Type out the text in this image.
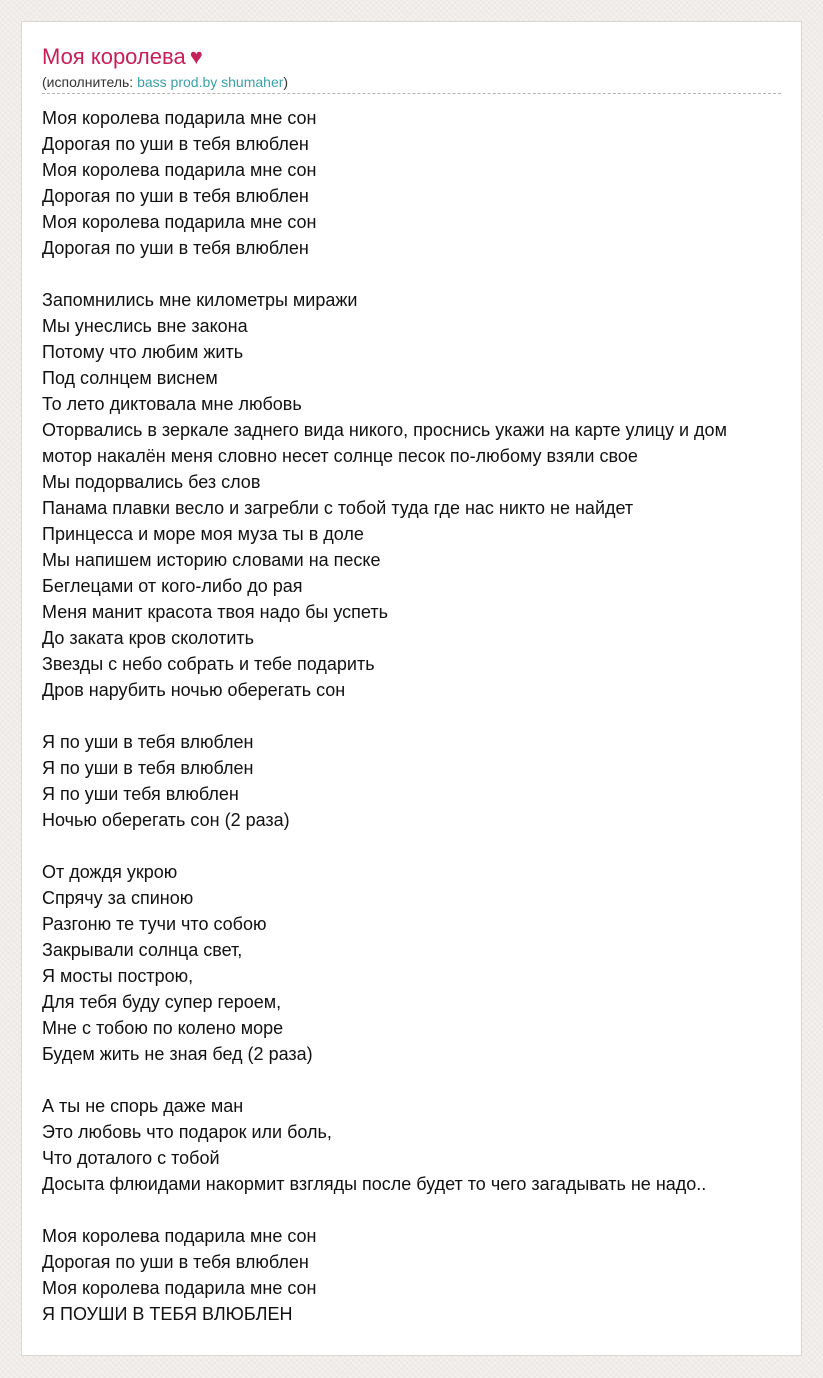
Моя королева ♥
(исполнитель: bass prod.by shumaher)
Моя королева подарила мне сон
Дорогая по уши в тебя влюблен
Моя королева подарила мне сон
Дорогая по уши в тебя влюблен
Моя королева подарила мне сон
Дорогая по уши в тебя влюблен
Запомнились мне километры миражи
Мы унеслись вне закона
Потому что любим жить
Под солнцем виснем
То лето диктовала мне любовь
Оторвались в зеркале заднего вида никого, проснись укажи на карте улицу и дом
мотор накалён меня словно несет солнце песок по-любому взяли свое
Мы подорвались без слов
Панама плавки весло и загребли с тобой туда где нас никто не найдет
Принцесса и море моя муза ты в доле
Мы напишем историю словами на песке
Беглецами от кого-либо до рая
Меня манит красота твоя надо бы успеть
До заката кров сколотить
Звезды с небо собрать и тебе подарить
Дров нарубить ночью оберегать сон
Я по уши в тебя влюблен
Я по уши в тебя влюблен
Я по уши тебя влюблен
Ночью оберегать сон (2 раза)
От дождя укрою
Спрячу за спиною
Разгоню те тучи что собою
Закрывали солнца свет,
Я мосты построю,
Для тебя буду супер героем,
Мне с тобою по колено море
Будем жить не зная бед (2 раза)
А ты не спорь даже ман
Это любовь что подарок или боль,
Что доталого с тобой
Досыта флюидами накормит взгляды после будет то чего загадывать не надо..
Моя королева подарила мне сон
Дорогая по уши в тебя влюблен
Моя королева подарила мне сон
Я ПОУШИ В ТЕБЯ ВЛЮБЛЕН
